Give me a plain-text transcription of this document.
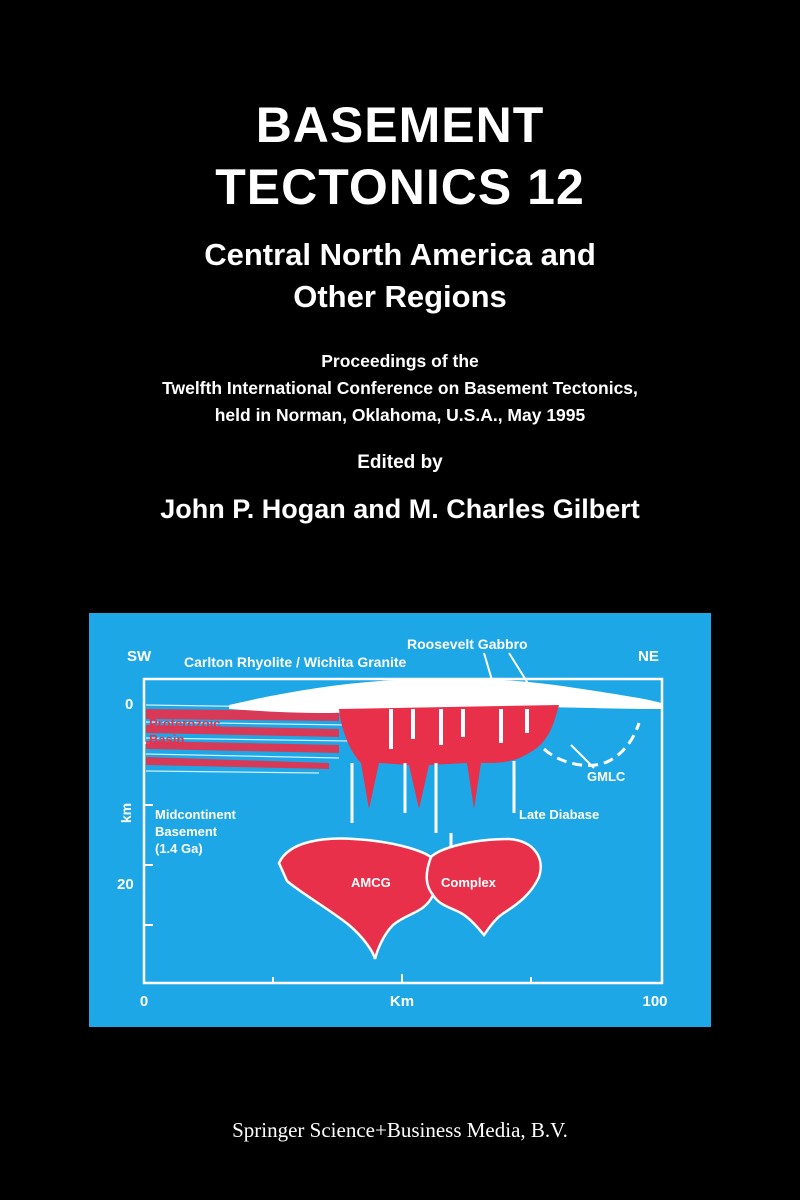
BASEMENT
TECTONICS 12
Central North America and
Other Regions
Proceedings of the
Twelfth International Conference on Basement Tectonics,
held in Norman, Oklahoma, U.S.A., May 1995
Edited by
John P. Hogan and M. Charles Gilbert
SW	NE
Carlton Rhyolite / Wichita Granite
Roosevelt Gabbro
Proterozoic
Basin
GMLC
Late Diabase
Midcontinent
Basement
(1.4 Ga)
AMCG	Complex
km
Km
0
20
0	100
Springer Science+Business Media, B.V.
